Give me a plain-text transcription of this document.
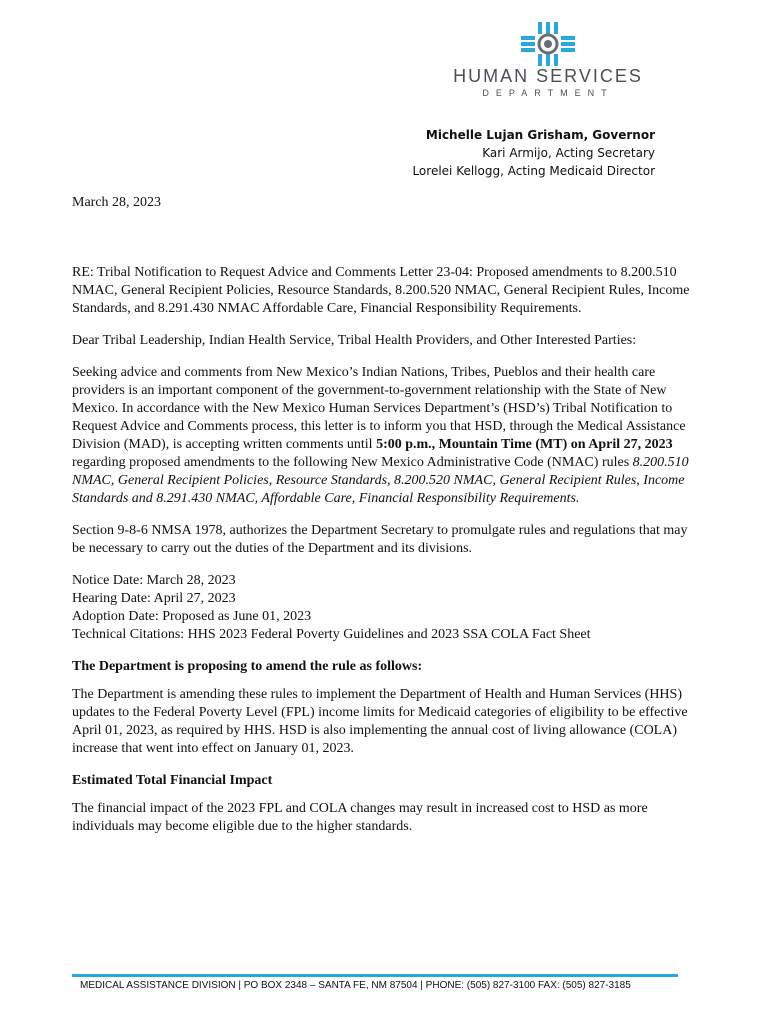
HUMAN SERVICES
DEPARTMENT
Michelle Lujan Grisham, Governor
Kari Armijo, Acting Secretary
Lorelei Kellogg, Acting Medicaid Director

March 28, 2023

RE: Tribal Notification to Request Advice and Comments Letter 23-04: Proposed amendments to 8.200.510 NMAC, General Recipient Policies, Resource Standards, 8.200.520 NMAC, General Recipient Rules, Income Standards, and 8.291.430 NMAC Affordable Care, Financial Responsibility Requirements.

Dear Tribal Leadership, Indian Health Service, Tribal Health Providers, and Other Interested Parties:

Seeking advice and comments from New Mexico’s Indian Nations, Tribes, Pueblos and their health care providers is an important component of the government-to-government relationship with the State of New Mexico. In accordance with the New Mexico Human Services Department’s (HSD’s) Tribal Notification to Request Advice and Comments process, this letter is to inform you that HSD, through the Medical Assistance Division (MAD), is accepting written comments until 5:00 p.m., Mountain Time (MT) on April 27, 2023 regarding proposed amendments to the following New Mexico Administrative Code (NMAC) rules 8.200.510 NMAC, General Recipient Policies, Resource Standards, 8.200.520 NMAC, General Recipient Rules, Income Standards and 8.291.430 NMAC, Affordable Care, Financial Responsibility Requirements.

Section 9-8-6 NMSA 1978, authorizes the Department Secretary to promulgate rules and regulations that may be necessary to carry out the duties of the Department and its divisions.

Notice Date: March 28, 2023

Hearing Date: April 27, 2023

Adoption Date: Proposed as June 01, 2023

Technical Citations: HHS 2023 Federal Poverty Guidelines and 2023 SSA COLA Fact Sheet

The Department is proposing to amend the rule as follows:

The Department is amending these rules to implement the Department of Health and Human Services (HHS) updates to the Federal Poverty Level (FPL) income limits for Medicaid categories of eligibility to be effective April 01, 2023, as required by HHS. HSD is also implementing the annual cost of living allowance (COLA) increase that went into effect on January 01, 2023.

Estimated Total Financial Impact

The financial impact of the 2023 FPL and COLA changes may result in increased cost to HSD as more individuals may become eligible due to the higher standards.

MEDICAL ASSISTANCE DIVISION | PO BOX 2348 – SANTA FE, NM 87504 | PHONE: (505) 827-3100 FAX: (505) 827-3185
